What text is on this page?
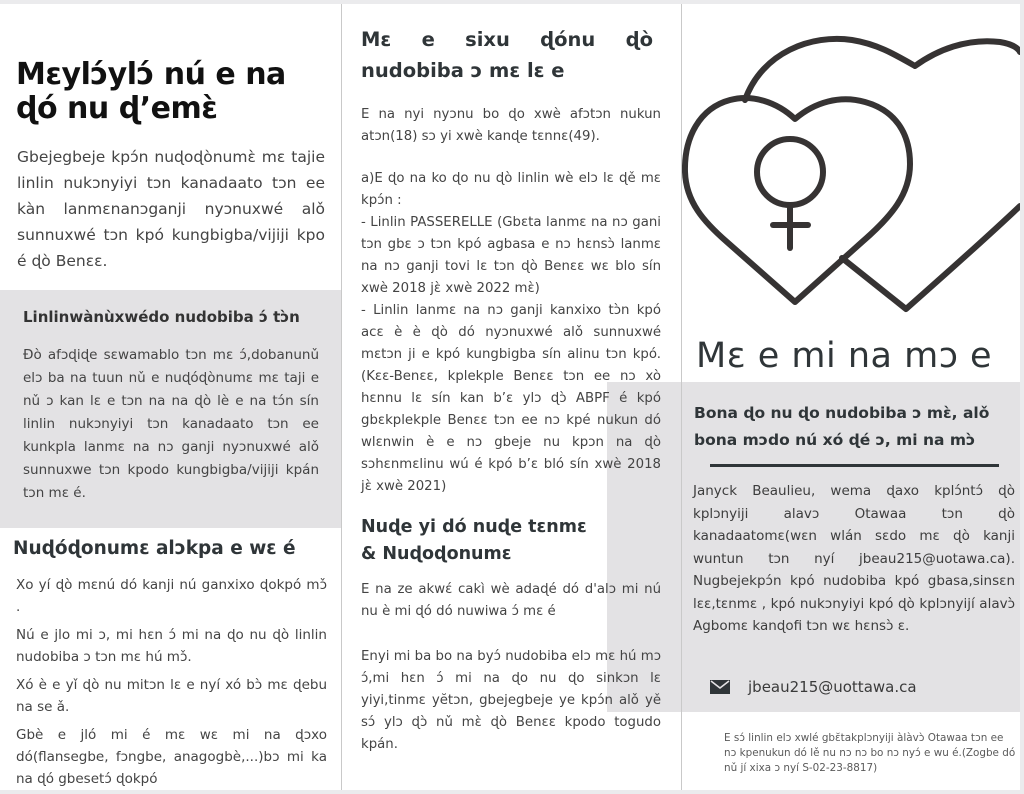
Mɛylɔ́ylɔ́ nú e na ɖó nu ɖ’emɛ̀

Gbejegbeje kpɔ́n nuɖoɖònumɛ̀ mɛ tajie linlin nukɔnyiyi tɔn kanadaato tɔn ee kàn lanmɛnanɔganji nyɔnuxwé alǒ sunnuxwé tɔn kpó kungbigba/vijiji kpo é ɖò Benɛɛ.

Linlinwànùxwédo nudobiba ɔ́ tɔ̀n

Ðò afɔɖiɖe sɛwamablo tɔn mɛ ɔ́,dobanunǔ elɔ ba na tuun nǔ e nuɖóɖònumɛ mɛ taji e nǔ ɔ kan lɛ e tɔn na na ɖò lè e na tɔ́n sín linlin nukɔnyiyi tɔn kanadaato tɔn ee kunkpla lanmɛ na nɔ ganji nyɔnuxwé alǒ sunnuxwe tɔn kpodo kungbigba/vijiji kpán tɔn mɛ é.

Nuɖóɖonumɛ alɔkpa e wɛ é

Xo yí ɖò mɛnú dó kanji nú ganxixo ɖokpó mɔ̌ .

Nú e jlo mi ɔ, mi hɛn ɔ́ mi na ɖo nu ɖò linlin nudobiba ɔ tɔn mɛ hú mɔ̌.

Xó è e yǐ ɖò nu mitɔn lɛ e nyí xó bɔ̀ mɛ ɖebu na se ǎ.

Gbè e jló mi é mɛ wɛ mi na ɖɔxo dó(flansegbe, fɔngbe, anagogbè,...)bɔ mi ka na ɖó gbesetɔ́ ɖokpó

Mɛ e sixu ɖónu ɖò
nudobiba ɔ mɛ lɛ e

E na nyi nyɔnu bo ɖo xwè afɔtɔn nukun atɔn(18) sɔ yi xwè kanɖe tɛnnɛ(49).

a)E ɖo na ko ɖo nu ɖò linlin wè elɔ lɛ ɖě mɛ kpɔ́n :
- Linlin PASSERELLE (Gbɛta lanmɛ na nɔ gani tɔn gbɛ ɔ tɔn kpó agbasa e nɔ hɛnsɔ̀ lanmɛ na nɔ ganji tovi lɛ tɔn ɖò Benɛɛ wɛ blo sín xwè 2018 jɛ̀ xwè 2022 mɛ̀)
- Linlin lanmɛ na nɔ ganji kanxixo tɔ̀n kpó acɛ è è ɖò dó nyɔnuxwé alǒ sunnuxwé mɛtɔn ji e kpó kungbigba sín alinu tɔn kpó. (Kɛɛ-Benɛɛ, kplekple Benɛɛ tɔn ee nɔ xò hɛnnu lɛ sín kan b’ɛ ylɔ ɖɔ̀ ABPF é kpó gbɛkplekple Benɛɛ tɔn ee nɔ kpé nukun dó wlɛnwin è e nɔ gbeje nu kpɔn na ɖò sɔhɛnmɛlinu wú é kpó b’ɛ bló sín xwè 2018 jɛ̀ xwè 2021)
Nuɖe yi dó nuɖe tɛnmɛ
& Nuɖoɖonumɛ

E na ze akwɛ́ cakì wè adaɖé dó d'alɔ mi nú nu è mi ɖó dó nuwiwa ɔ́ mɛ é

Enyi mi ba bo na byɔ́ nudobiba elɔ mɛ hú mɔ ɔ́,mi hɛn ɔ́ mi na ɖo nu ɖo sinkɔn lɛ yiyi,tinmɛ yĕtɔn, gbejegbeje ye kpɔ́n alǒ yě sɔ́ ylɔ ɖɔ̀ nǔ mɛ̀ ɖò Benɛɛ kpodo togudo kpán.

Mɛ e mi na mɔ e

Bona ɖo nu ɖo nudobiba ɔ mɛ̀, alǒ bona mɔdo nú xó ɖé ɔ, mi na mɔ̀

Janyck Beaulieu, wema ɖaxo kplɔ́ntɔ́ ɖò kplɔnyiji alavɔ Otawaa tɔn ɖò kanadaatomɛ(wɛn wlán sɛdo mɛ ɖò kanji wuntun tɔn nyí jbeau215@uotawa.ca). Nugbejekpɔ́n kpó nudobiba kpó gbasa,sinsɛn lɛɛ,tɛnmɛ , kpó nukɔnyiyi kpó ɖò kplɔnyijí alavɔ̀ Agbomɛ kanɖofi tɔn wɛ hɛnsɔ̀ ɛ.

jbeau215@uottawa.ca

E sɔ́ linlin elɔ xwlé gbɛ̆takplɔnyiji àlàvɔ̀ Otawaa tɔn ee nɔ kpenukun dó lě nu nɔ nɔ bo nɔ nyɔ́ e wu é.(Zogbe dó nǔ jí xixa ɔ nyí S-02-23-8817)
